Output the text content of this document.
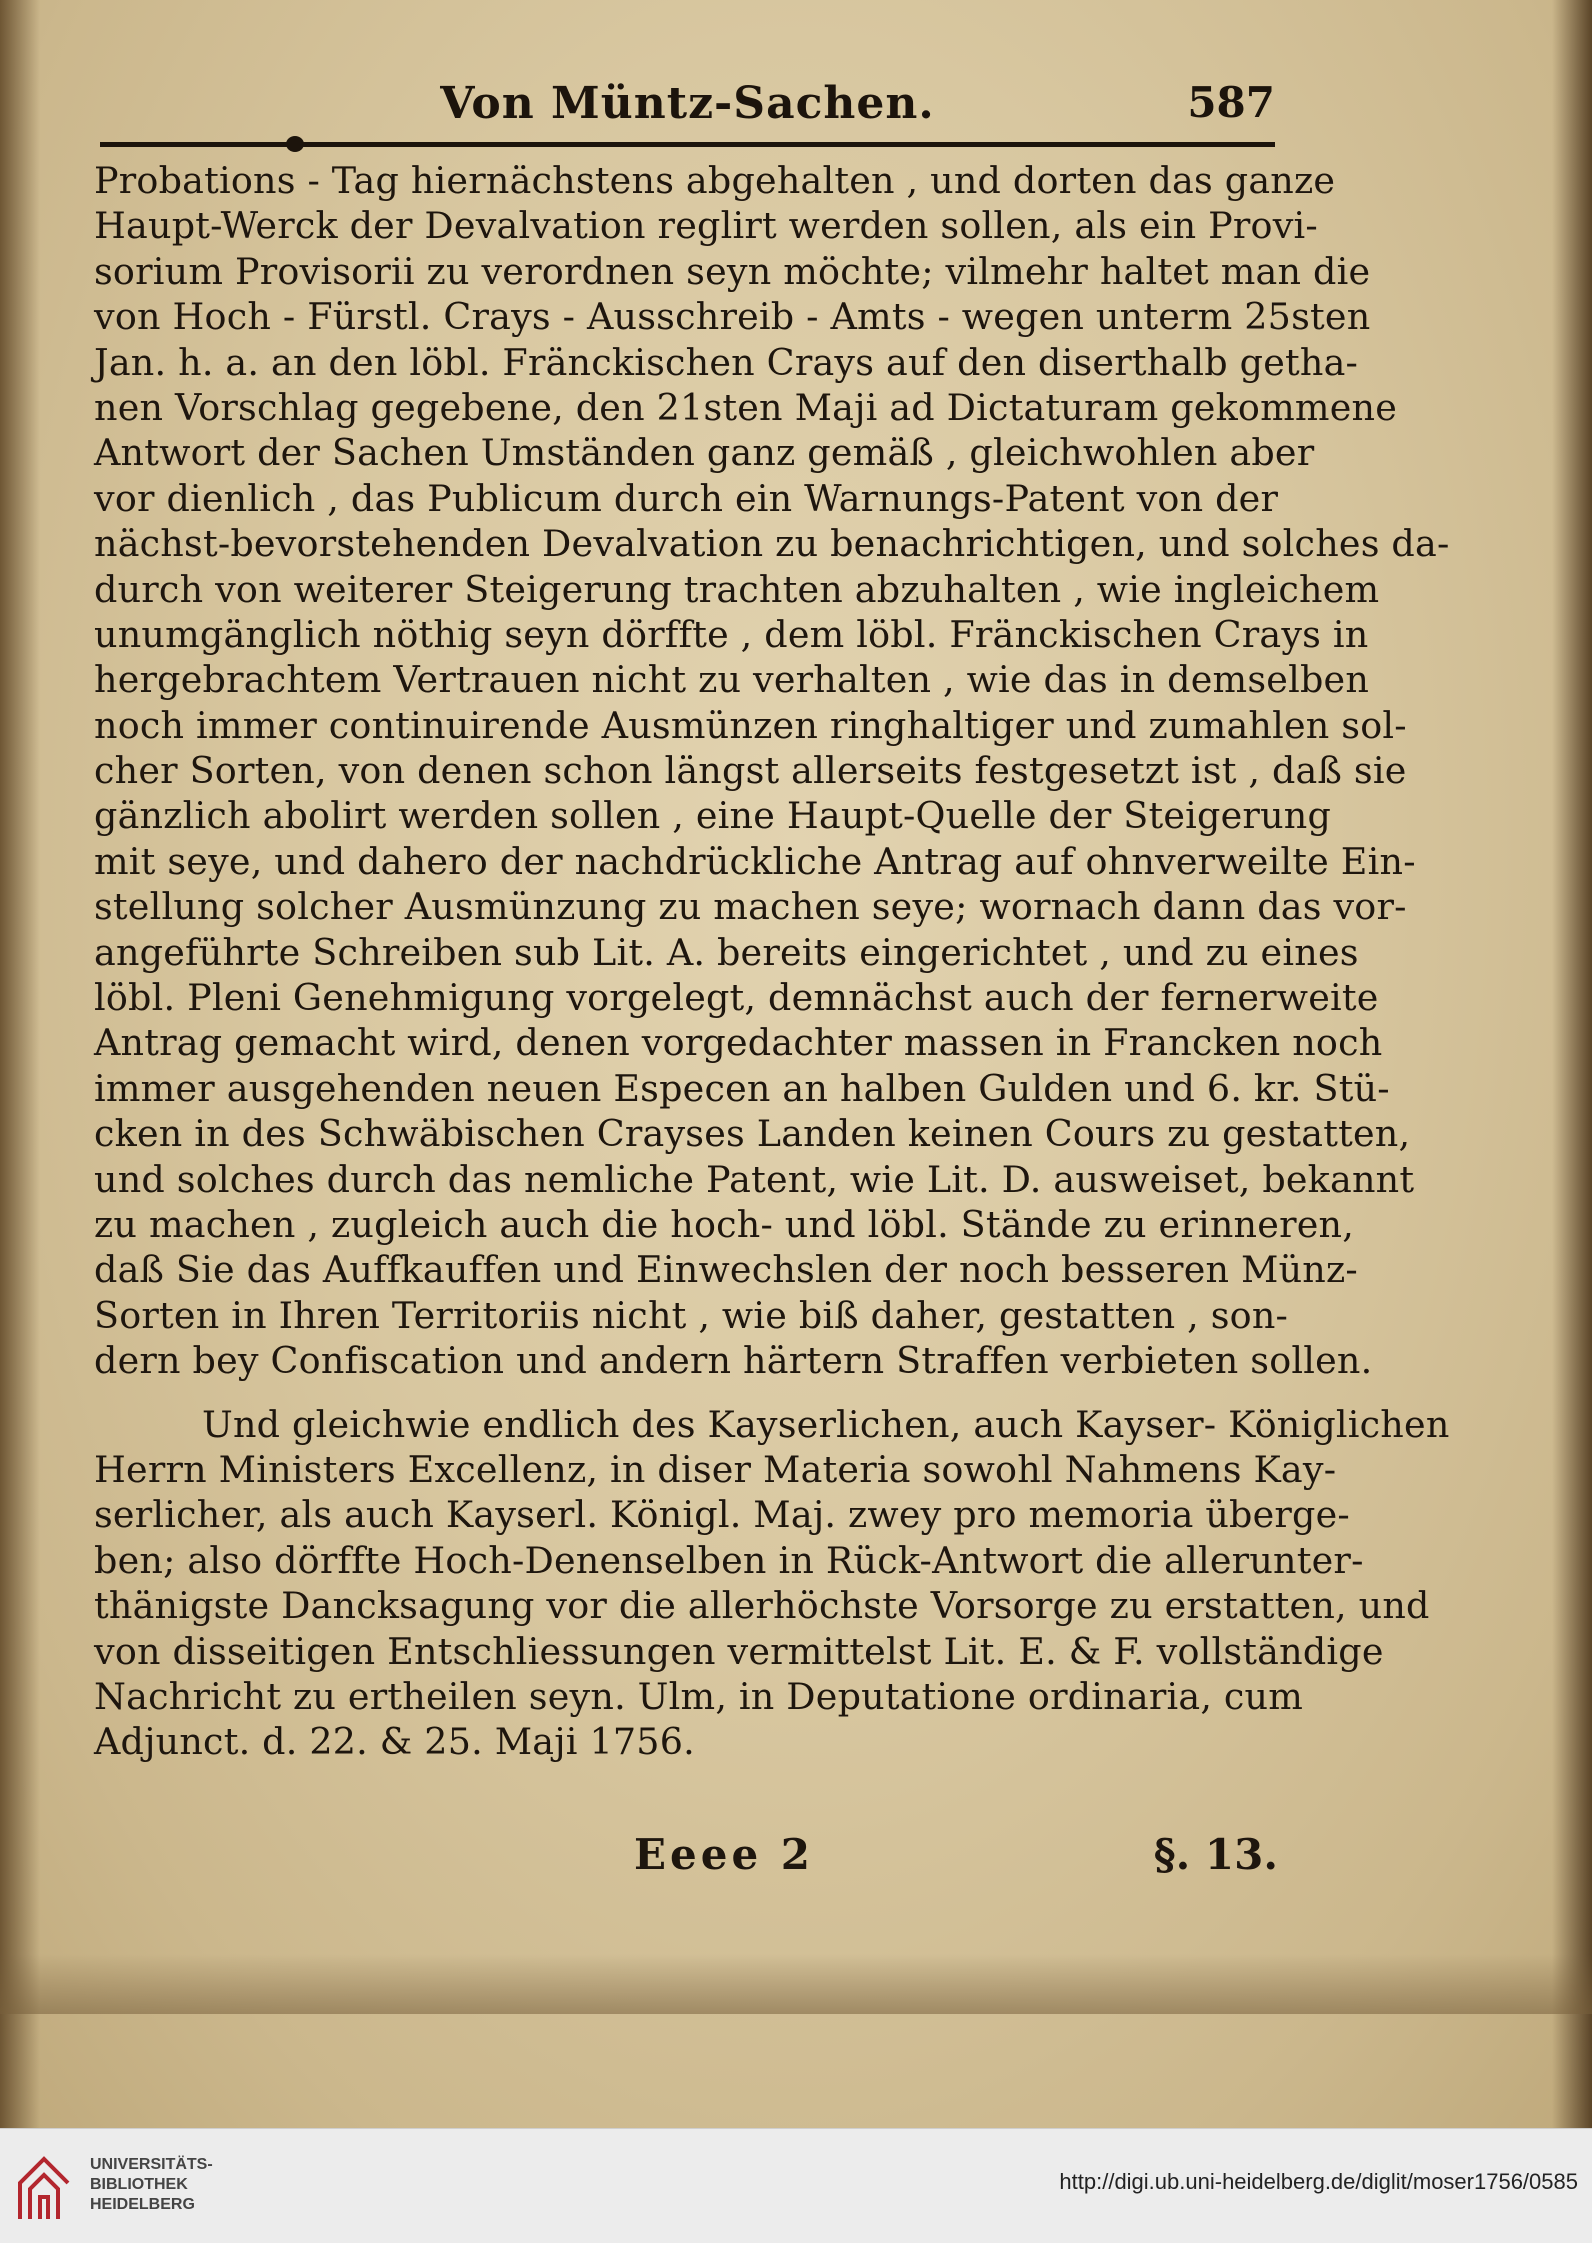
Von Müntz-Sachen.	587
Probations - Tag hiernächstens abgehalten , und dorten das ganze
Haupt-Werck der Devalvation reglirt werden sollen, als ein Provi-
sorium Provisorii zu verordnen seyn möchte; vilmehr haltet man die
von Hoch - Fürstl. Crays - Ausschreib - Amts - wegen unterm 25sten
Jan. h. a. an den löbl. Fränckischen Crays auf den diserthalb getha-
nen Vorschlag gegebene, den 21sten Maji ad Dictaturam gekommene
Antwort der Sachen Umständen ganz gemäß , gleichwohlen aber
vor dienlich , das Publicum durch ein Warnungs-Patent von der
nächst-bevorstehenden Devalvation zu benachrichtigen, und solches da-
durch von weiterer Steigerung trachten abzuhalten , wie ingleichem
unumgänglich nöthig seyn dörffte , dem löbl. Fränckischen Crays in
hergebrachtem Vertrauen nicht zu verhalten , wie das in demselben
noch immer continuirende Ausmünzen ringhaltiger und zumahlen sol-
cher Sorten, von denen schon längst allerseits festgesetzt ist , daß sie
gänzlich abolirt werden sollen , eine Haupt-Quelle der Steigerung
mit seye, und dahero der nachdrückliche Antrag auf ohnverweilte Ein-
stellung solcher Ausmünzung zu machen seye; wornach dann das vor-
angeführte Schreiben sub Lit. A. bereits eingerichtet , und zu eines
löbl. Pleni Genehmigung vorgelegt, demnächst auch der fernerweite
Antrag gemacht wird, denen vorgedachter massen in Francken noch
immer ausgehenden neuen Especen an halben Gulden und 6. kr. Stü-
cken in des Schwäbischen Crayses Landen keinen Cours zu gestatten,
und solches durch das nemliche Patent, wie Lit. D. ausweiset, bekannt
zu machen , zugleich auch die hoch- und löbl. Stände zu erinneren,
daß Sie das Auffkauffen und Einwechslen der noch besseren Münz-
Sorten in Ihren Territoriis nicht , wie biß daher, gestatten , son-
dern bey Confiscation und andern härtern Straffen verbieten sollen.
Und gleichwie endlich des Kayserlichen, auch Kayser- Königlichen
Herrn Ministers Excellenz, in diser Materia sowohl Nahmens Kay-
serlicher, als auch Kayserl. Königl. Maj. zwey pro memoria überge-
ben; also dörffte Hoch-Denenselben in Rück-Antwort die allerunter-
thänigste Dancksagung vor die allerhöchste Vorsorge zu erstatten, und
von disseitigen Entschliessungen vermittelst Lit. E. & F. vollständige
Nachricht zu ertheilen seyn. Ulm, in Deputatione ordinaria, cum
Adjunct. d. 22. & 25. Maji 1756.
Eeee 2	§. 13.
UNIVERSITÄTS-
BIBLIOTHEK
HEIDELBERG
http://digi.ub.uni-heidelberg.de/diglit/moser1756/0585
